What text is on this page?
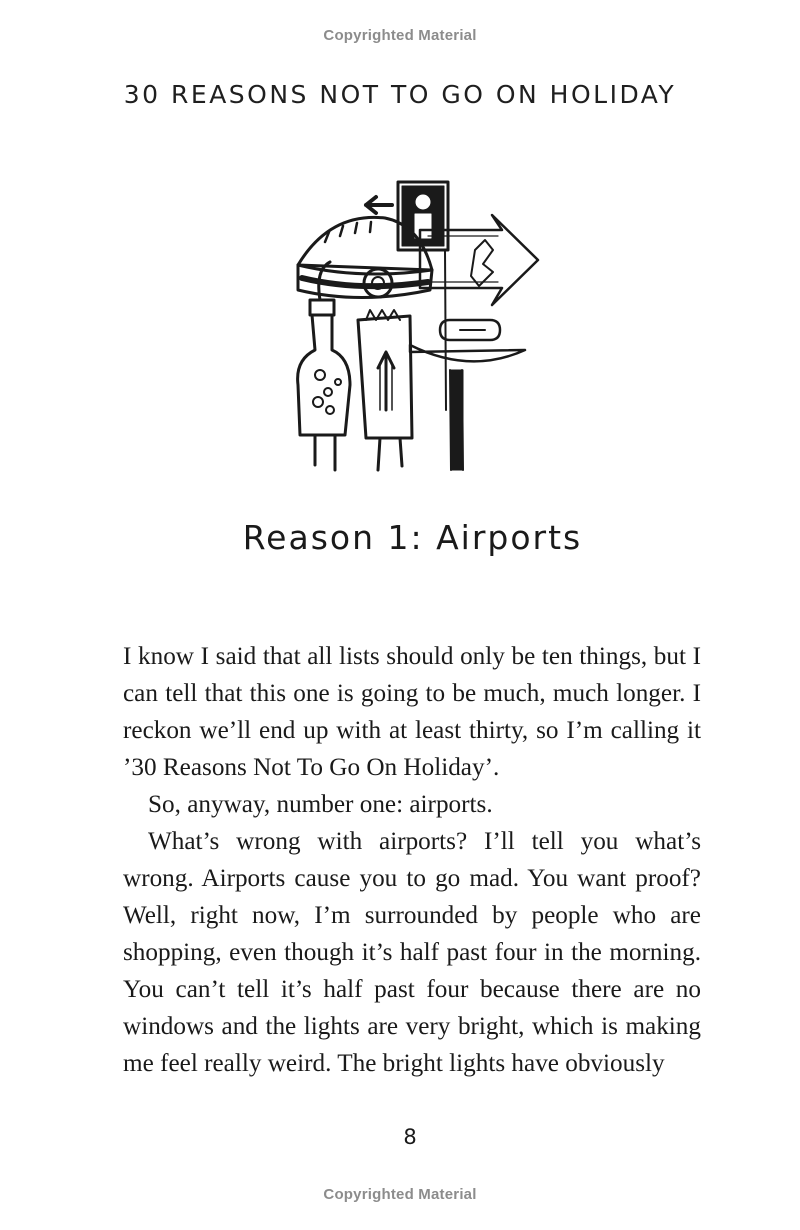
Copyrighted Material
30 REASONS NOT TO GO ON HOLIDAY
Reason 1: Airports

I know I said that all lists should only be ten things, but I can tell that this one is going to be much, much longer. I reckon we’ll end up with at least thirty, so I’m calling it ’30 Reasons Not To Go On Holiday’.

So, anyway, number one: airports.

What’s wrong with airports? I’ll tell you what’s wrong. Airports cause you to go mad. You want proof? Well, right now, I’m surrounded by people who are shopping, even though it’s half past four in the morning. You can’t tell it’s half past four because there are no windows and the lights are very bright, which is making me feel really weird. The bright lights have obviously

8
Copyrighted Material
